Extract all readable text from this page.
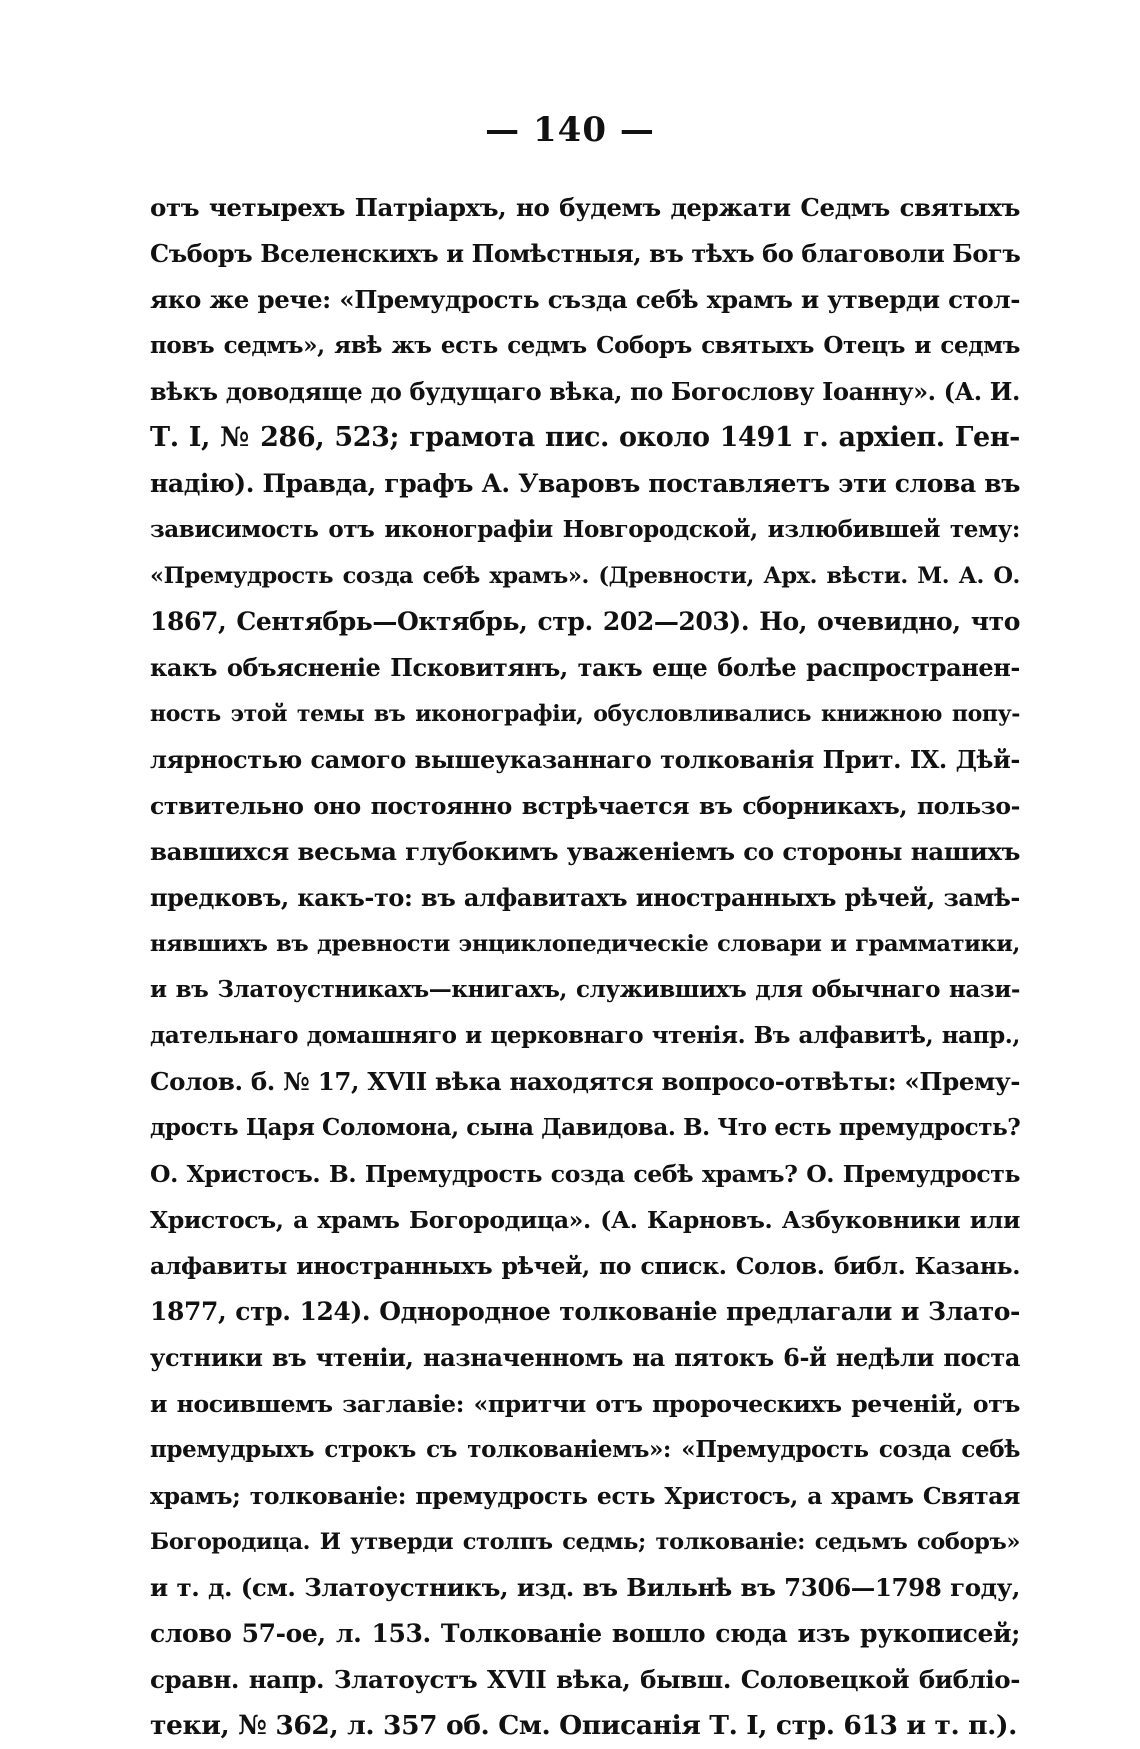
— 140 —
отъ четырехъ Патріархъ, но будемъ держати Седмъ святыхъ
Съборъ Вселенскихъ и Помѣстныя, въ тѣхъ бо благоволи Богъ
яко же рече: «Премудрость създа себѣ храмъ и утверди стол-
повъ седмъ», явѣ жъ есть седмъ Соборъ святыхъ Отецъ и седмъ
вѣкъ доводяще до будущаго вѣка, по Богослову Іоанну». (А. И.
Т. I, № 286, 523; грамота пис. около 1491 г. архіеп. Ген-
надію). Правда, графъ А. Уваровъ поставляетъ эти слова въ
зависимость отъ иконографіи Новгородской, излюбившей тему:
«Премудрость созда себѣ храмъ». (Древности, Арх. вѣсти. М. А. О.
1867, Сентябрь—Октябрь, стр. 202—203). Но, очевидно, что
какъ объясненіе Псковитянъ, такъ еще болѣе распространен-
ность этой темы въ иконографіи, обусловливались книжною попу-
лярностью самого вышеуказаннаго толкованія Прит. IX. Дѣй-
ствительно оно постоянно встрѣчается въ сборникахъ, пользо-
вавшихся весьма глубокимъ уваженіемъ со стороны нашихъ
предковъ, какъ-то: въ алфавитахъ иностранныхъ рѣчей, замѣ-
нявшихъ въ древности энциклопедическіе словари и грамматики,
и въ Златоустникахъ—книгахъ, служившихъ для обычнаго нази-
дательнаго домашняго и церковнаго чтенія. Въ алфавитѣ, напр.,
Солов. б. № 17, XVII вѣка находятся вопросо-отвѣты: «Прему-
дрость Царя Соломона, сына Давидова. В. Что есть премудрость?
О. Христосъ. В. Премудрость созда себѣ храмъ? О. Премудрость
Христосъ, а храмъ Богородица». (А. Карновъ. Азбуковники или
алфавиты иностранныхъ рѣчей, по списк. Солов. библ. Казань.
1877, стр. 124). Однородное толкованіе предлагали и Злато-
устники въ чтеніи, назначенномъ на пятокъ 6-й недѣли поста
и носившемъ заглавіе: «притчи отъ пророческихъ реченій, отъ
премудрыхъ строкъ съ толкованіемъ»: «Премудрость созда себѣ
храмъ; толкованіе: премудрость есть Христосъ, а храмъ Святая
Богородица. И утверди столпъ седмь; толкованіе: седьмъ соборъ»
и т. д. (см. Златоустникъ, изд. въ Вильнѣ въ 7306—1798 году,
слово 57-ое, л. 153. Толкованіе вошло сюда изъ рукописей;
сравн. напр. Златоустъ XVII вѣка, бывш. Соловецкой библіо-
теки, № 362, л. 357 об. См. Описанія Т. I, стр. 613 и т. п.).
